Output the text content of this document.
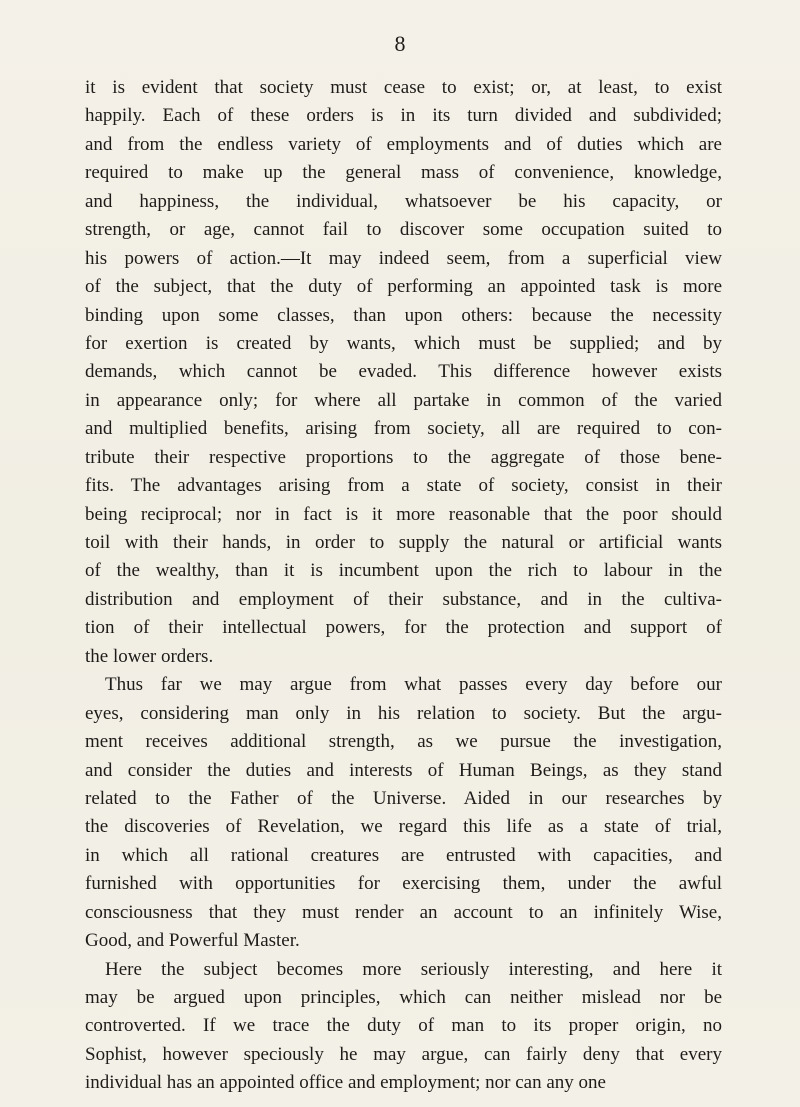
8
it is evident that society must cease to exist; or, at least, to exist
happily. Each of these orders is in its turn divided and subdivided;
and from the endless variety of employments and of duties which are
required to make up the general mass of convenience, knowledge,
and happiness, the individual, whatsoever be his capacity, or
strength, or age, cannot fail to discover some occupation suited to
his powers of action.—It may indeed seem, from a superficial view
of the subject, that the duty of performing an appointed task is more
binding upon some classes, than upon others: because the necessity
for exertion is created by wants, which must be supplied; and by
demands, which cannot be evaded. This difference however exists
in appearance only; for where all partake in common of the varied
and multiplied benefits, arising from society, all are required to con-
tribute their respective proportions to the aggregate of those bene-
fits. The advantages arising from a state of society, consist in their
being reciprocal; nor in fact is it more reasonable that the poor should
toil with their hands, in order to supply the natural or artificial wants
of the wealthy, than it is incumbent upon the rich to labour in the
distribution and employment of their substance, and in the cultiva-
tion of their intellectual powers, for the protection and support of
the lower orders.
Thus far we may argue from what passes every day before our
eyes, considering man only in his relation to society. But the argu-
ment receives additional strength, as we pursue the investigation,
and consider the duties and interests of Human Beings, as they stand
related to the Father of the Universe. Aided in our researches by
the discoveries of Revelation, we regard this life as a state of trial,
in which all rational creatures are entrusted with capacities, and
furnished with opportunities for exercising them, under the awful
consciousness that they must render an account to an infinitely Wise,
Good, and Powerful Master.
Here the subject becomes more seriously interesting, and here it
may be argued upon principles, which can neither mislead nor be
controverted. If we trace the duty of man to its proper origin, no
Sophist, however speciously he may argue, can fairly deny that every
individual has an appointed office and employment; nor can any one
